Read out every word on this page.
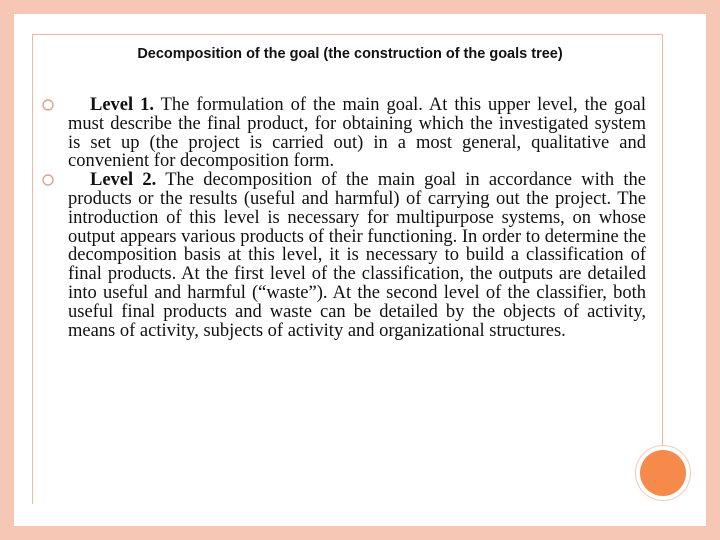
Decomposition of the goal (the construction of the goals tree)
Level 1. The formulation of the main goal. At this upper level, the goal must describe the final product, for obtaining which the investigated system is set up (the project is carried out) in a most general, qualitative and convenient for decomposition form.
Level 2. The decomposition of the main goal in accordance with the products or the results (useful and harmful) of carrying out the project. The introduction of this level is necessary for multipurpose systems, on whose output appears various products of their functioning. In order to determine the decomposition basis at this level, it is necessary to build a classification of final products. At the first level of the classification, the outputs are detailed into useful and harmful (“waste”). At the second level of the classifier, both useful final products and waste can be detailed by the objects of activity, means of activity, subjects of activity and organizational structures.
